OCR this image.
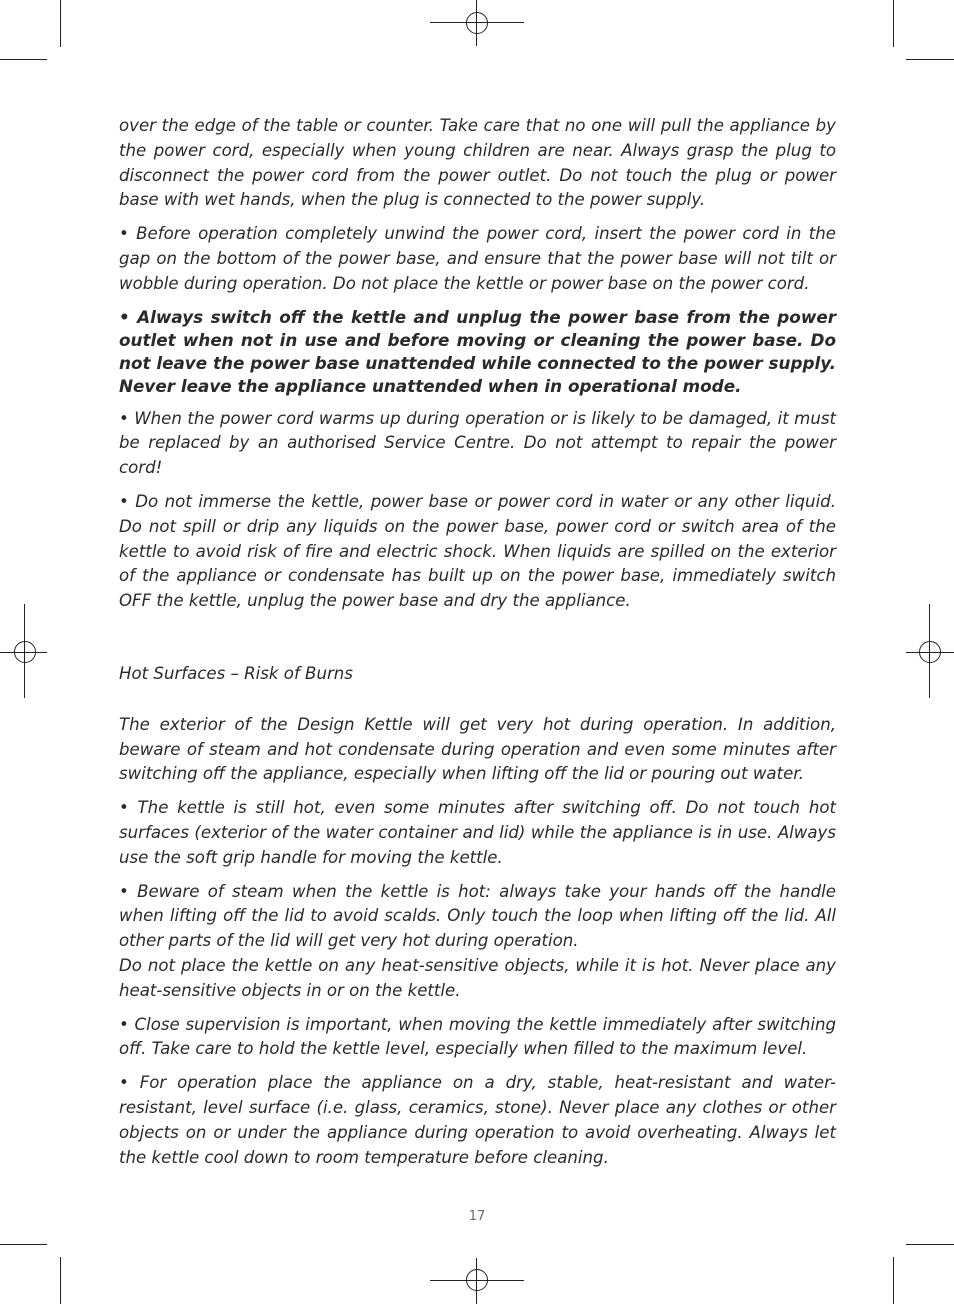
over the edge of the table or counter. Take care that no one will pull the appliance by the power cord, especially when young children are near. Always grasp the plug to disconnect the power cord from the power outlet. Do not touch the plug or power base with wet hands, when the plug is connected to the power supply.

• Before operation completely unwind the power cord, insert the power cord in the gap on the bottom of the power base, and ensure that the power base will not tilt or wobble during operation. Do not place the kettle or power base on the power cord.

• Always switch off the kettle and unplug the power base from the power outlet when not in use and before moving or cleaning the power base. Do not leave the power base unattended while connected to the power supply. Never leave the appliance unattended when in operational mode.

• When the power cord warms up during operation or is likely to be damaged, it must be replaced by an authorised Service Centre. Do not attempt to repair the power cord!

• Do not immerse the kettle, power base or power cord in water or any other liquid. Do not spill or drip any liquids on the power base, power cord or switch area of the kettle to avoid risk of fire and electric shock. When liquids are spilled on the exterior of the appliance or condensate has built up on the power base, immediately switch OFF the kettle, unplug the power base and dry the appliance.

Hot Surfaces – Risk of Burns

The exterior of the Design Kettle will get very hot during operation. In addition, beware of steam and hot condensate during operation and even some minutes after switching off the appliance, especially when lifting off the lid or pouring out water.

• The kettle is still hot, even some minutes after switching off. Do not touch hot surfaces (exterior of the water container and lid) while the appliance is in use. Always use the soft grip handle for moving the kettle.

• Beware of steam when the kettle is hot: always take your hands off the handle when lifting off the lid to avoid scalds. Only touch the loop when lifting off the lid. All other parts of the lid will get very hot during operation.

Do not place the kettle on any heat-sensitive objects, while it is hot. Never place any heat-sensitive objects in or on the kettle.

• Close supervision is important, when moving the kettle immediately after switching off. Take care to hold the kettle level, especially when filled to the maximum level.

• For operation place the appliance on a dry, stable, heat-resistant and water-resistant, level surface (i.e. glass, ceramics, stone). Never place any clothes or other objects on or under the appliance during operation to avoid overheating. Always let the kettle cool down to room temperature before cleaning.

17
